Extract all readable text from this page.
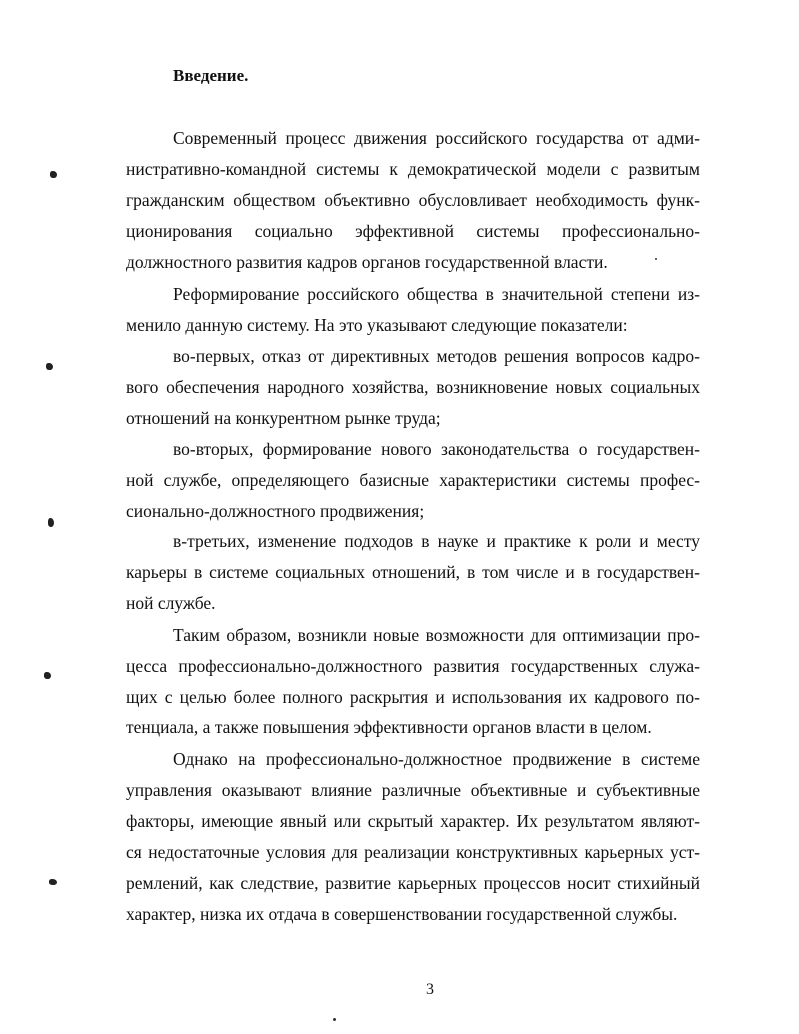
Введение.
Современный процесс движения российского государства от адми-
нистративно-командной системы к демократической модели с развитым
гражданским обществом объективно обусловливает необходимость функ-
ционирования социально эффективной системы профессионально-
должностного развития кадров органов государственной власти.
Реформирование российского общества в значительной степени из-
менило данную систему. На это указывают следующие показатели:
во-первых, отказ от директивных методов решения вопросов кадро-
вого обеспечения народного хозяйства, возникновение новых социальных
отношений на конкурентном рынке труда;
во-вторых, формирование нового законодательства о государствен-
ной службе, определяющего базисные характеристики системы профес-
сионально-должностного продвижения;
в-третьих, изменение подходов в науке и практике к роли и месту
карьеры в системе социальных отношений, в том числе и в государствен-
ной службе.
Таким образом, возникли новые возможности для оптимизации про-
цесса профессионально-должностного развития государственных служа-
щих с целью более полного раскрытия и использования их кадрового по-
тенциала, а также повышения эффективности органов власти в целом.
Однако на профессионально-должностное продвижение в системе
управления оказывают влияние различные объективные и субъективные
факторы, имеющие явный или скрытый характер. Их результатом являют-
ся недостаточные условия для реализации конструктивных карьерных уст-
ремлений, как следствие, развитие карьерных процессов носит стихийный
характер, низка их отдача в совершенствовании государственной службы.
3
